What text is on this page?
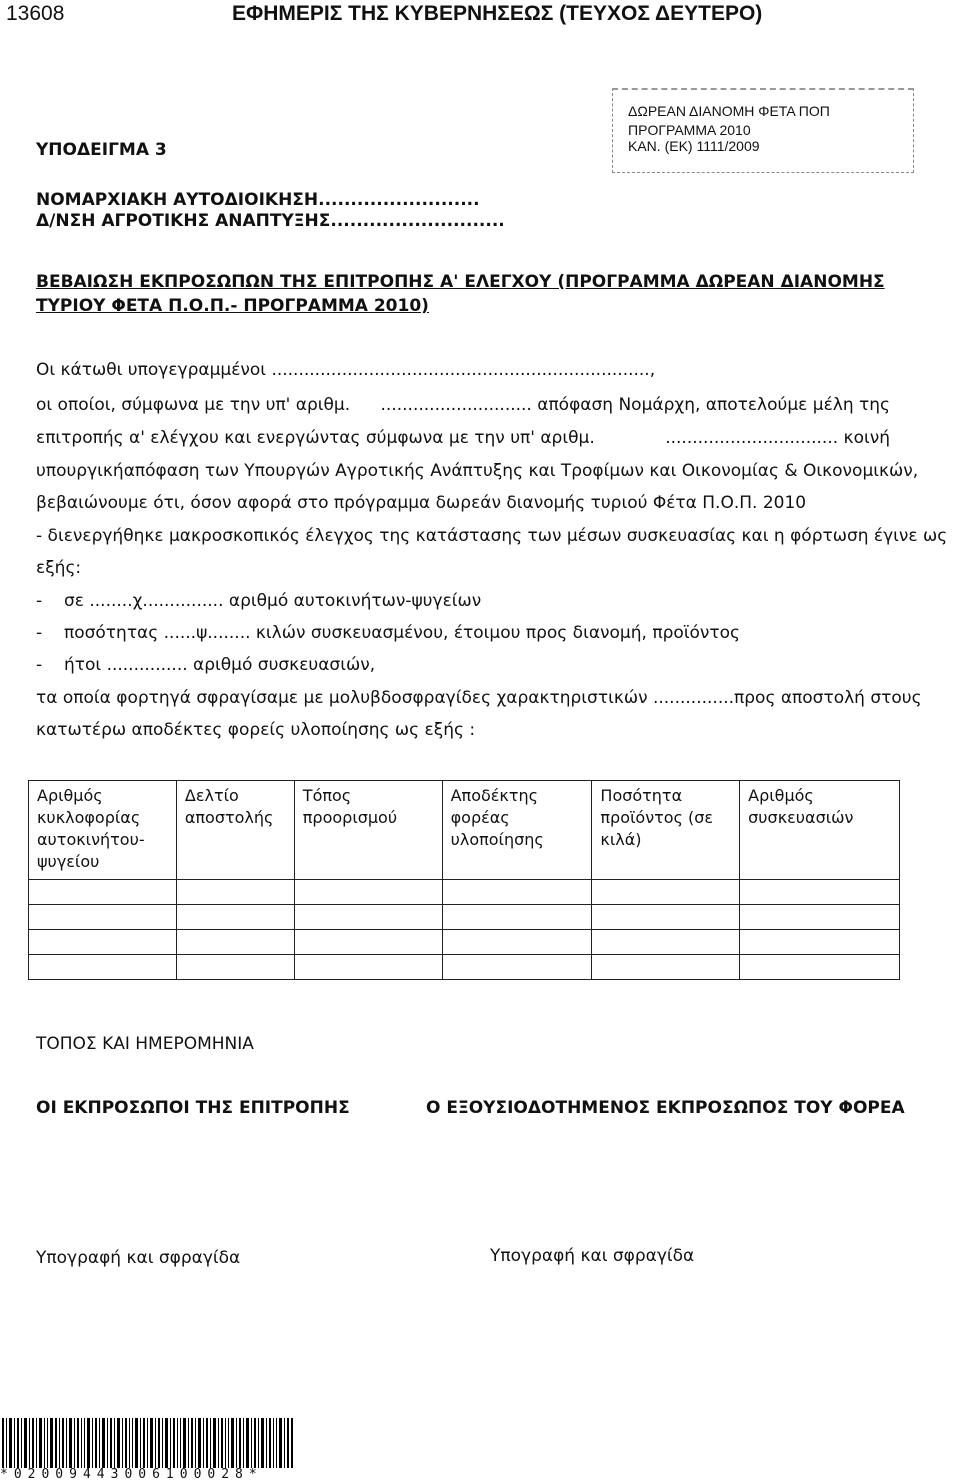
13608	ΕΦΗΜΕΡΙΣ ΤΗΣ ΚΥΒΕΡΝΗΣΕΩΣ (ΤΕΥΧΟΣ ΔΕΥΤΕΡΟ)
ΔΩΡΕΑΝ ΔΙΑΝΟΜΗ ΦΕΤΑ ΠΟΠ
ΠΡΟΓΡΑΜΜΑ 2010
ΚΑΝ. (ΕΚ) 1111/2009
ΥΠΟΔΕΙΓΜΑ 3
ΝΟΜΑΡΧΙΑΚΗ ΑΥΤΟΔΙΟΙΚΗΣΗ.........................
Δ/ΝΣΗ ΑΓΡΟΤΙΚΗΣ ΑΝΑΠΤΥΞΗΣ...........................
ΒΕΒΑΙΩΣΗ ΕΚΠΡΟΣΩΠΩΝ ΤΗΣ ΕΠΙΤΡΟΠΗΣ Α' ΕΛΕΓΧΟΥ (ΠΡΟΓΡΑΜΜΑ ΔΩΡΕΑΝ ΔΙΑΝΟΜΗΣ
ΤΥΡΙΟΥ ΦΕΤΑ Π.Ο.Π.- ΠΡΟΓΡΑΜΜΑ 2010)
Οι κάτωθι υπογεγραμμένοι ......................................................................,
οι οποίοι, σύμφωνα με την υπ' αριθμ. ............................ απόφαση Νομάρχη, αποτελούμε μέλη της
επιτροπής α' ελέγχου και ενεργώντας σύμφωνα με την υπ' αριθμ.	................................ κοινή
υπουργική απόφαση των Υπουργών Αγροτικής Ανάπτυξης και Τροφίμων και Οικονομίας & Οικονομικών,
βεβαιώνουμε ότι, όσον αφορά στο πρόγραμμα δωρεάν διανομής τυριού Φέτα Π.Ο.Π. 2010
- διενεργήθηκε μακροσκοπικός έλεγχος της κατάστασης των μέσων συσκευασίας και η φόρτωση έγινε ως
εξής:
- σε ........χ............... αριθμό αυτοκινήτων-ψυγείων
- ποσότητας ......ψ........ κιλών συσκευασμένου, έτοιμου προς διανομή, προϊόντος
- ήτοι ............... αριθμό συσκευασιών,
τα οποία φορτηγά σφραγίσαμε με μολυβδοσφραγίδες χαρακτηριστικών ............... προς αποστολή στους
κατωτέρω αποδέκτες φορείς υλοποίησης ως εξής :
Αριθμός κυκλοφορίας αυτοκινήτου-ψυγείου	Δελτίο αποστολής	Τόπος προορισμού	Αποδέκτης φορέας υλοποίησης	Ποσότητα προϊόντος (σε κιλά)	Αριθμός συσκευασιών

ΤΟΠΟΣ ΚΑΙ ΗΜΕΡΟΜΗΝΙΑ
ΟΙ ΕΚΠΡΟΣΩΠΟΙ ΤΗΣ ΕΠΙΤΡΟΠΗΣ	Ο ΕΞΟΥΣΙΟΔΟΤΗΜΕΝΟΣ ΕΚΠΡΟΣΩΠΟΣ ΤΟΥ ΦΟΡΕΑ
Υπογραφή και σφραγίδα	Υπογραφή και σφραγίδα
*02009443006100028*
